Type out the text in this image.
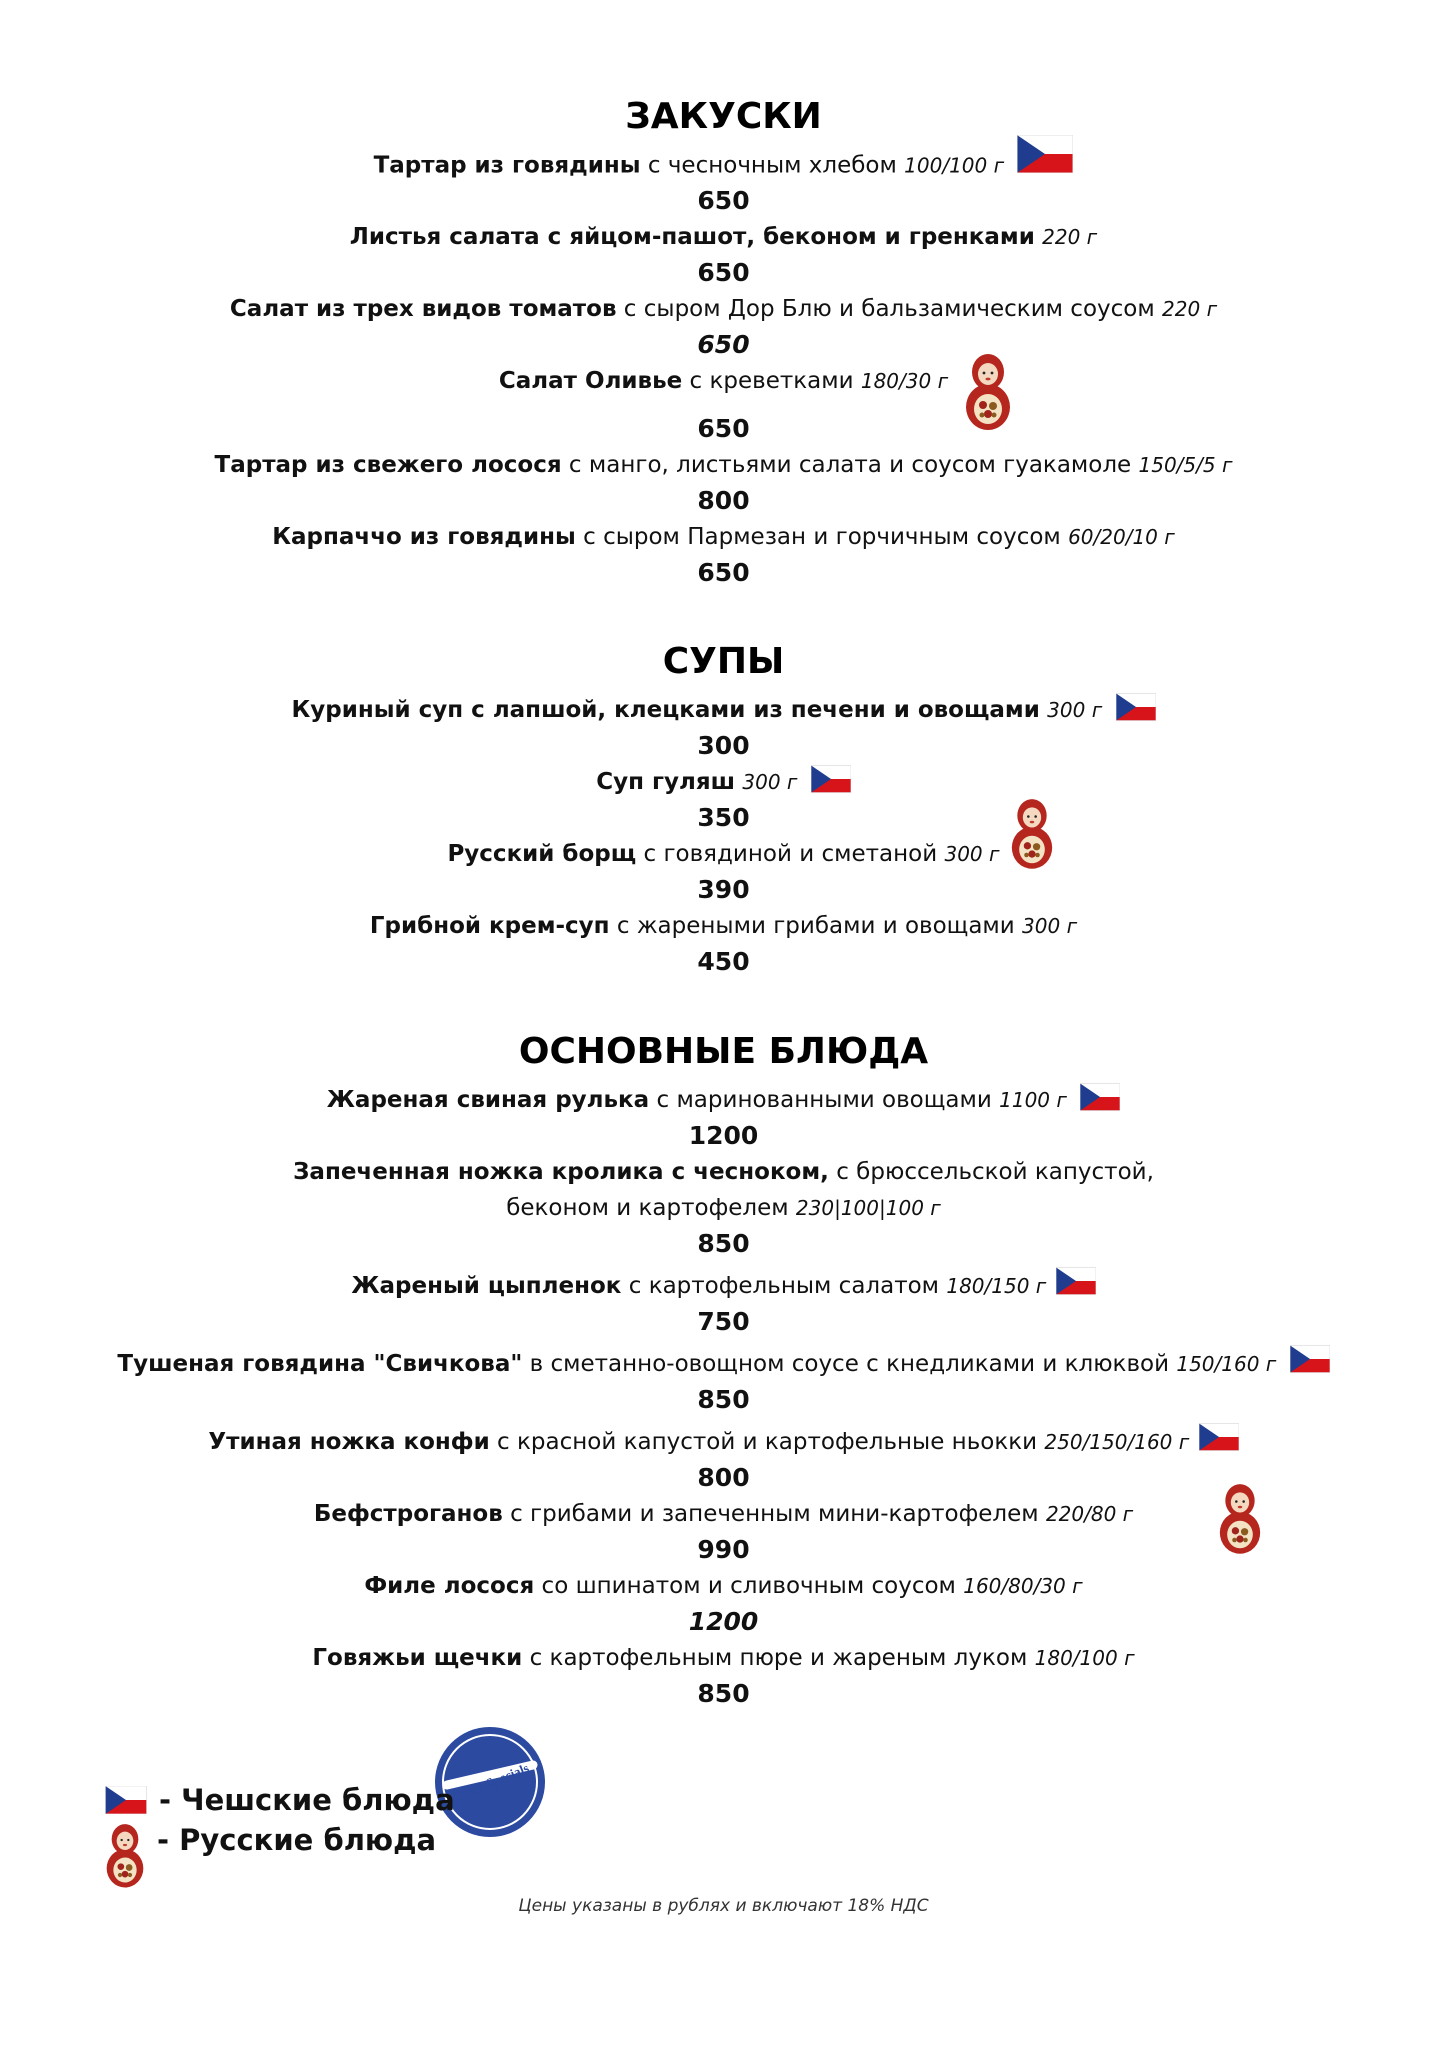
ЗАКУСКИ
Тартар из говядины с чесночным хлебом 100/100 г
650
Листья салата с яйцом-пашот, беконом и гренками 220 г
650
Салат из трех видов томатов с сыром Дор Блю и бальзамическим соусом 220 г
650
Салат Оливье с креветками 180/30 г
650
Тартар из свежего лосося с манго, листьями салата и соусом гуакамоле 150/5/5 г
800
Карпаччо из говядины с сыром Пармезан и горчичным соусом 60/20/10 г
650
СУПЫ
Куриный суп с лапшой, клецками из печени и овощами 300 г
300
Суп гуляш 300 г
350
Русский борщ с говядиной и сметаной 300 г
390
Грибной крем-суп с жареными грибами и овощами 300 г
450
ОСНОВНЫЕ БЛЮДА
Жареная свиная рулька с маринованными овощами 1100 г
1200
Запеченная ножка кролика с чесноком, с брюссельской капустой,
беконом и картофелем 230|100|100 г
850
Жареный цыпленок с картофельным салатом 180/150 г
750
Тушеная говядина "Свичкова" в сметанно-овощном соусе с кнедликами и клюквой 150/160 г
850
Утиная ножка конфи с красной капустой и картофельные ньокки 250/150/160 г
800
Бефстроганов с грибами и запеченным мини-картофелем 220/80 г
990
Филе лосося со шпинатом и сливочным соусом 160/80/30 г
1200
Говяжьи щечки с картофельным пюре и жареным луком 180/100 г
850
Czech Specials
- Чешские блюда
- Русские блюда
Цены указаны в рублях и включают 18% НДС
